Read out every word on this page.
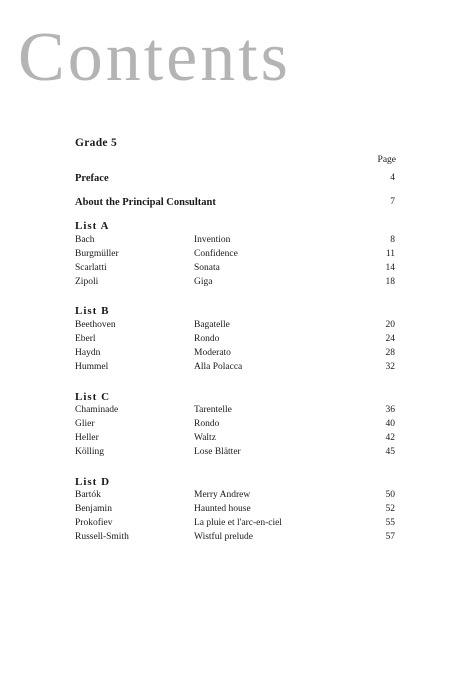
Contents
Grade 5
Page
Preface	4
About the Principal Consultant	7
List A
Bach	Invention	8
Burgmüller	Confidence	11
Scarlatti	Sonata	14
Zipoli	Giga	18
List B
Beethoven	Bagatelle	20
Eberl	Rondo	24
Haydn	Moderato	28
Hummel	Alla Polacca	32
List C
Chaminade	Tarentelle	36
Glier	Rondo	40
Heller	Waltz	42
Kölling	Lose Blätter	45
List D
Bartók	Merry Andrew	50
Benjamin	Haunted house	52
Prokofiev	La pluie et l'arc-en-ciel	55
Russell-Smith	Wistful prelude	57
